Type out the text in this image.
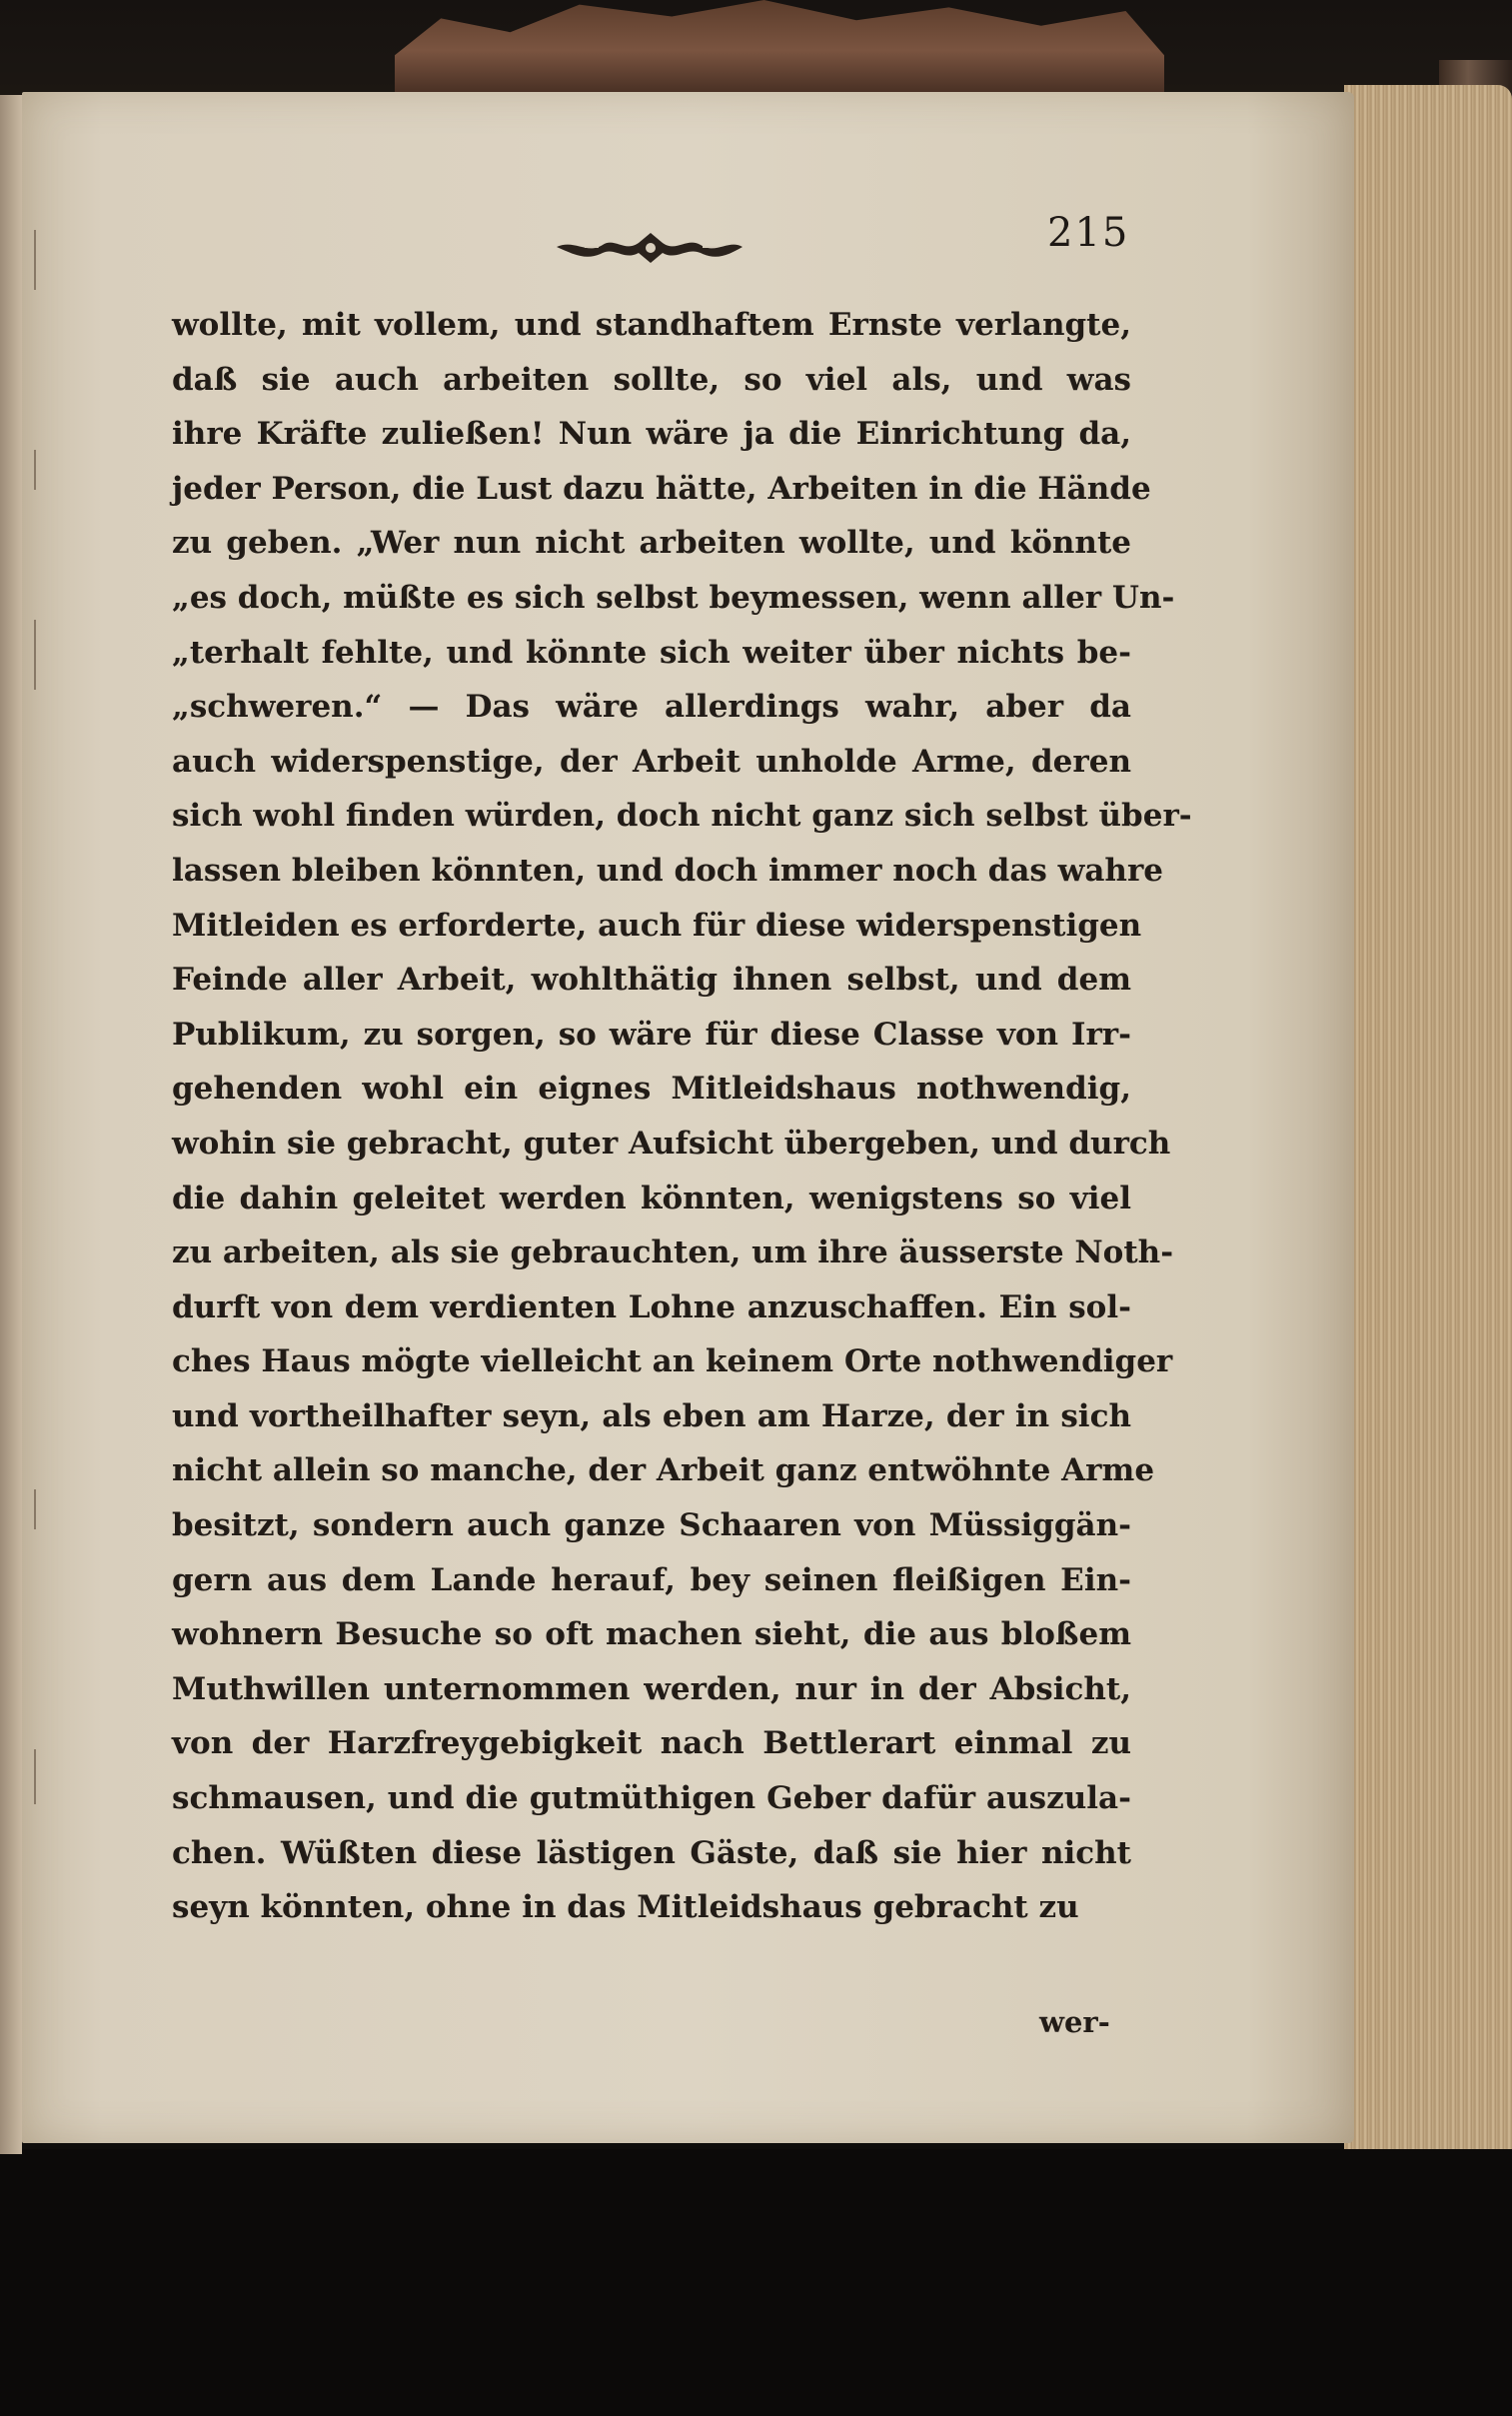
215
wollte, mit vollem, und standhaftem Ernste verlangte,
daß sie auch arbeiten sollte, so viel als, und was
ihre Kräfte zuließen! Nun wäre ja die Einrichtung da,
jeder Person, die Lust dazu hätte, Arbeiten in die Hände
zu geben. „Wer nun nicht arbeiten wollte, und könnte
„es doch, müßte es sich selbst beymessen, wenn aller Un-
„terhalt fehlte, und könnte sich weiter über nichts be-
„schweren.“ — Das wäre allerdings wahr, aber da
auch widerspenstige, der Arbeit unholde Arme, deren
sich wohl finden würden, doch nicht ganz sich selbst über-
lassen bleiben könnten, und doch immer noch das wahre
Mitleiden es erforderte, auch für diese widerspenstigen
Feinde aller Arbeit, wohlthätig ihnen selbst, und dem
Publikum, zu sorgen, so wäre für diese Classe von Irr-
gehenden wohl ein eignes Mitleidshaus nothwendig,
wohin sie gebracht, guter Aufsicht übergeben, und durch
die dahin geleitet werden könnten, wenigstens so viel
zu arbeiten, als sie gebrauchten, um ihre äusserste Noth-
durft von dem verdienten Lohne anzuschaffen. Ein sol-
ches Haus mögte vielleicht an keinem Orte nothwendiger
und vortheilhafter seyn, als eben am Harze, der in sich
nicht allein so manche, der Arbeit ganz entwöhnte Arme
besitzt, sondern auch ganze Schaaren von Müssiggän-
gern aus dem Lande herauf, bey seinen fleißigen Ein-
wohnern Besuche so oft machen sieht, die aus bloßem
Muthwillen unternommen werden, nur in der Absicht,
von der Harzfreygebigkeit nach Bettlerart einmal zu
schmausen, und die gutmüthigen Geber dafür auszula-
chen. Wüßten diese lästigen Gäste, daß sie hier nicht
seyn könnten, ohne in das Mitleidshaus gebracht zu
wer-
